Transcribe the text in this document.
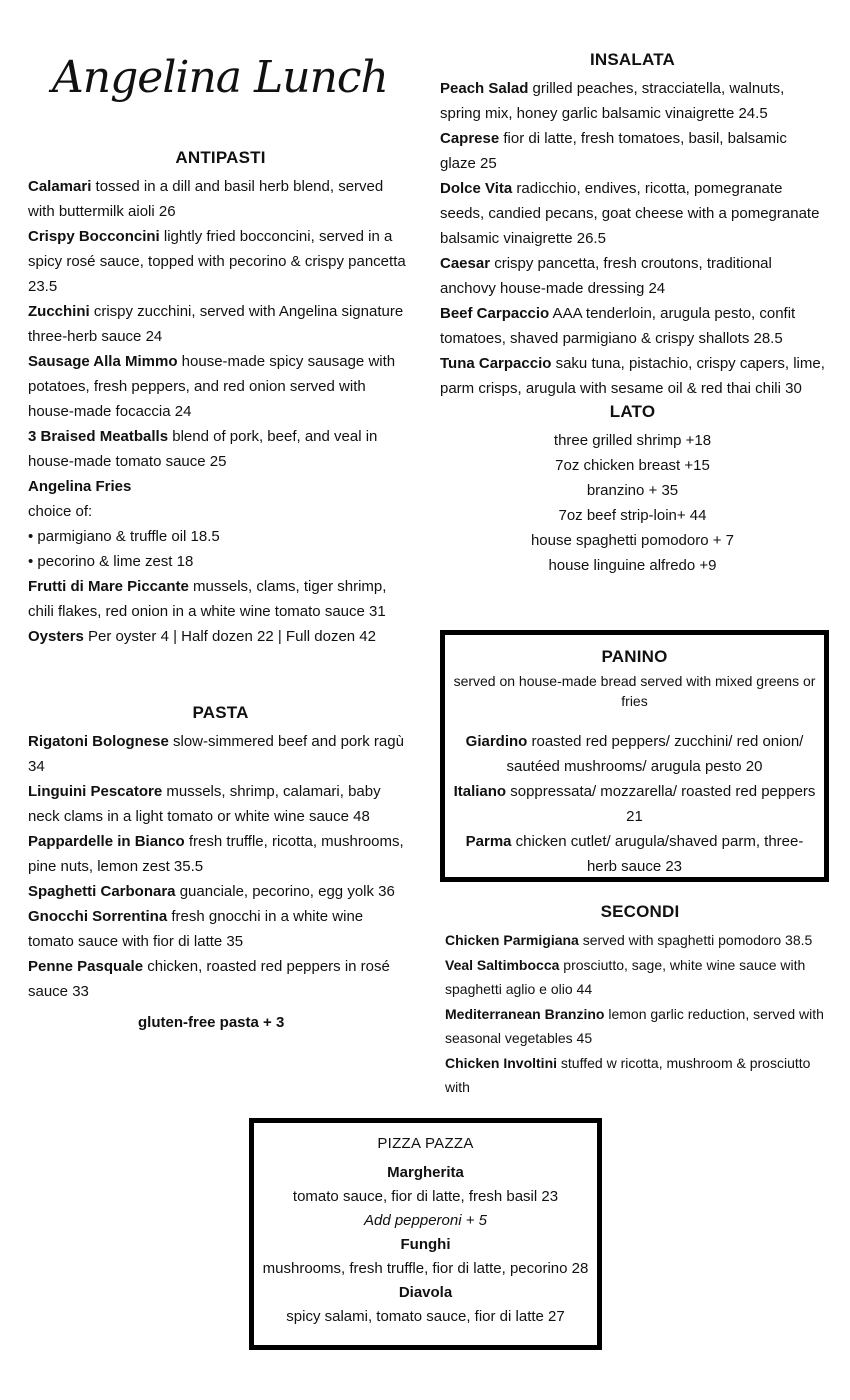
Angelina Lunch
ANTIPASTI
Calamari tossed in a dill and basil herb blend, served with buttermilk aioli 26
Crispy Bocconcini lightly fried bocconcini, served in a spicy rosé sauce, topped with pecorino & crispy pancetta 23.5
Zucchini crispy zucchini, served with Angelina signature three-herb sauce 24
Sausage Alla Mimmo house-made spicy sausage with potatoes, fresh peppers, and red onion served with house-made focaccia 24
3 Braised Meatballs blend of pork, beef, and veal in house-made tomato sauce 25
Angelina Fries
choice of:
• parmigiano & truffle oil 18.5
• pecorino & lime zest 18
Frutti di Mare Piccante mussels, clams, tiger shrimp, chili flakes, red onion in a white wine tomato sauce 31
Oysters Per oyster 4 | Half dozen 22 | Full dozen 42
PASTA
Rigatoni Bolognese slow-simmered beef and pork ragù 34
Linguini Pescatore mussels, shrimp, calamari, baby neck clams in a light tomato or white wine sauce 48
Pappardelle in Bianco fresh truffle, ricotta, mushrooms, pine nuts, lemon zest 35.5
Spaghetti Carbonara guanciale, pecorino, egg yolk 36
Gnocchi Sorrentina fresh gnocchi in a white wine tomato sauce with fior di latte 35
Penne Pasquale chicken, roasted red peppers in rosé sauce 33
gluten-free pasta + 3
INSALATA
Peach Salad grilled peaches, stracciatella, walnuts, spring mix, honey garlic balsamic vinaigrette 24.5
Caprese fior di latte, fresh tomatoes, basil, balsamic glaze 25
Dolce Vita radicchio, endives, ricotta, pomegranate seeds, candied pecans, goat cheese with a pomegranate balsamic vinaigrette 26.5
Caesar crispy pancetta, fresh croutons, traditional anchovy house-made dressing 24
Beef Carpaccio AAA tenderloin, arugula pesto, confit tomatoes, shaved parmigiano & crispy shallots 28.5
Tuna Carpaccio saku tuna, pistachio, crispy capers, lime, parm crisps, arugula with sesame oil & red thai chili 30
LATO
three grilled shrimp +18
7oz chicken breast +15
branzino + 35
7oz beef strip-loin+ 44
house spaghetti pomodoro + 7
house linguine alfredo +9
PANINO
served on house-made bread served with mixed greens or fries
Giardino roasted red peppers/ zucchini/ red onion/ sautéed mushrooms/ arugula pesto 20
Italiano soppressata/ mozzarella/ roasted red peppers 21
Parma chicken cutlet/ arugula/shaved parm, three-herb sauce 23
SECONDI
Chicken Parmigiana served with spaghetti pomodoro 38.5
Veal Saltimbocca prosciutto, sage, white wine sauce with spaghetti aglio e olio 44
Mediterranean Branzino lemon garlic reduction, served with seasonal vegetables 45
Chicken Involtini stuffed w ricotta, mushroom & prosciutto with
PIZZA PAZZA
Margherita
tomato sauce, fior di latte, fresh basil 23
Add pepperoni + 5
Funghi
mushrooms, fresh truffle, fior di latte, pecorino 28
Diavola
spicy salami, tomato sauce, fior di latte 27
